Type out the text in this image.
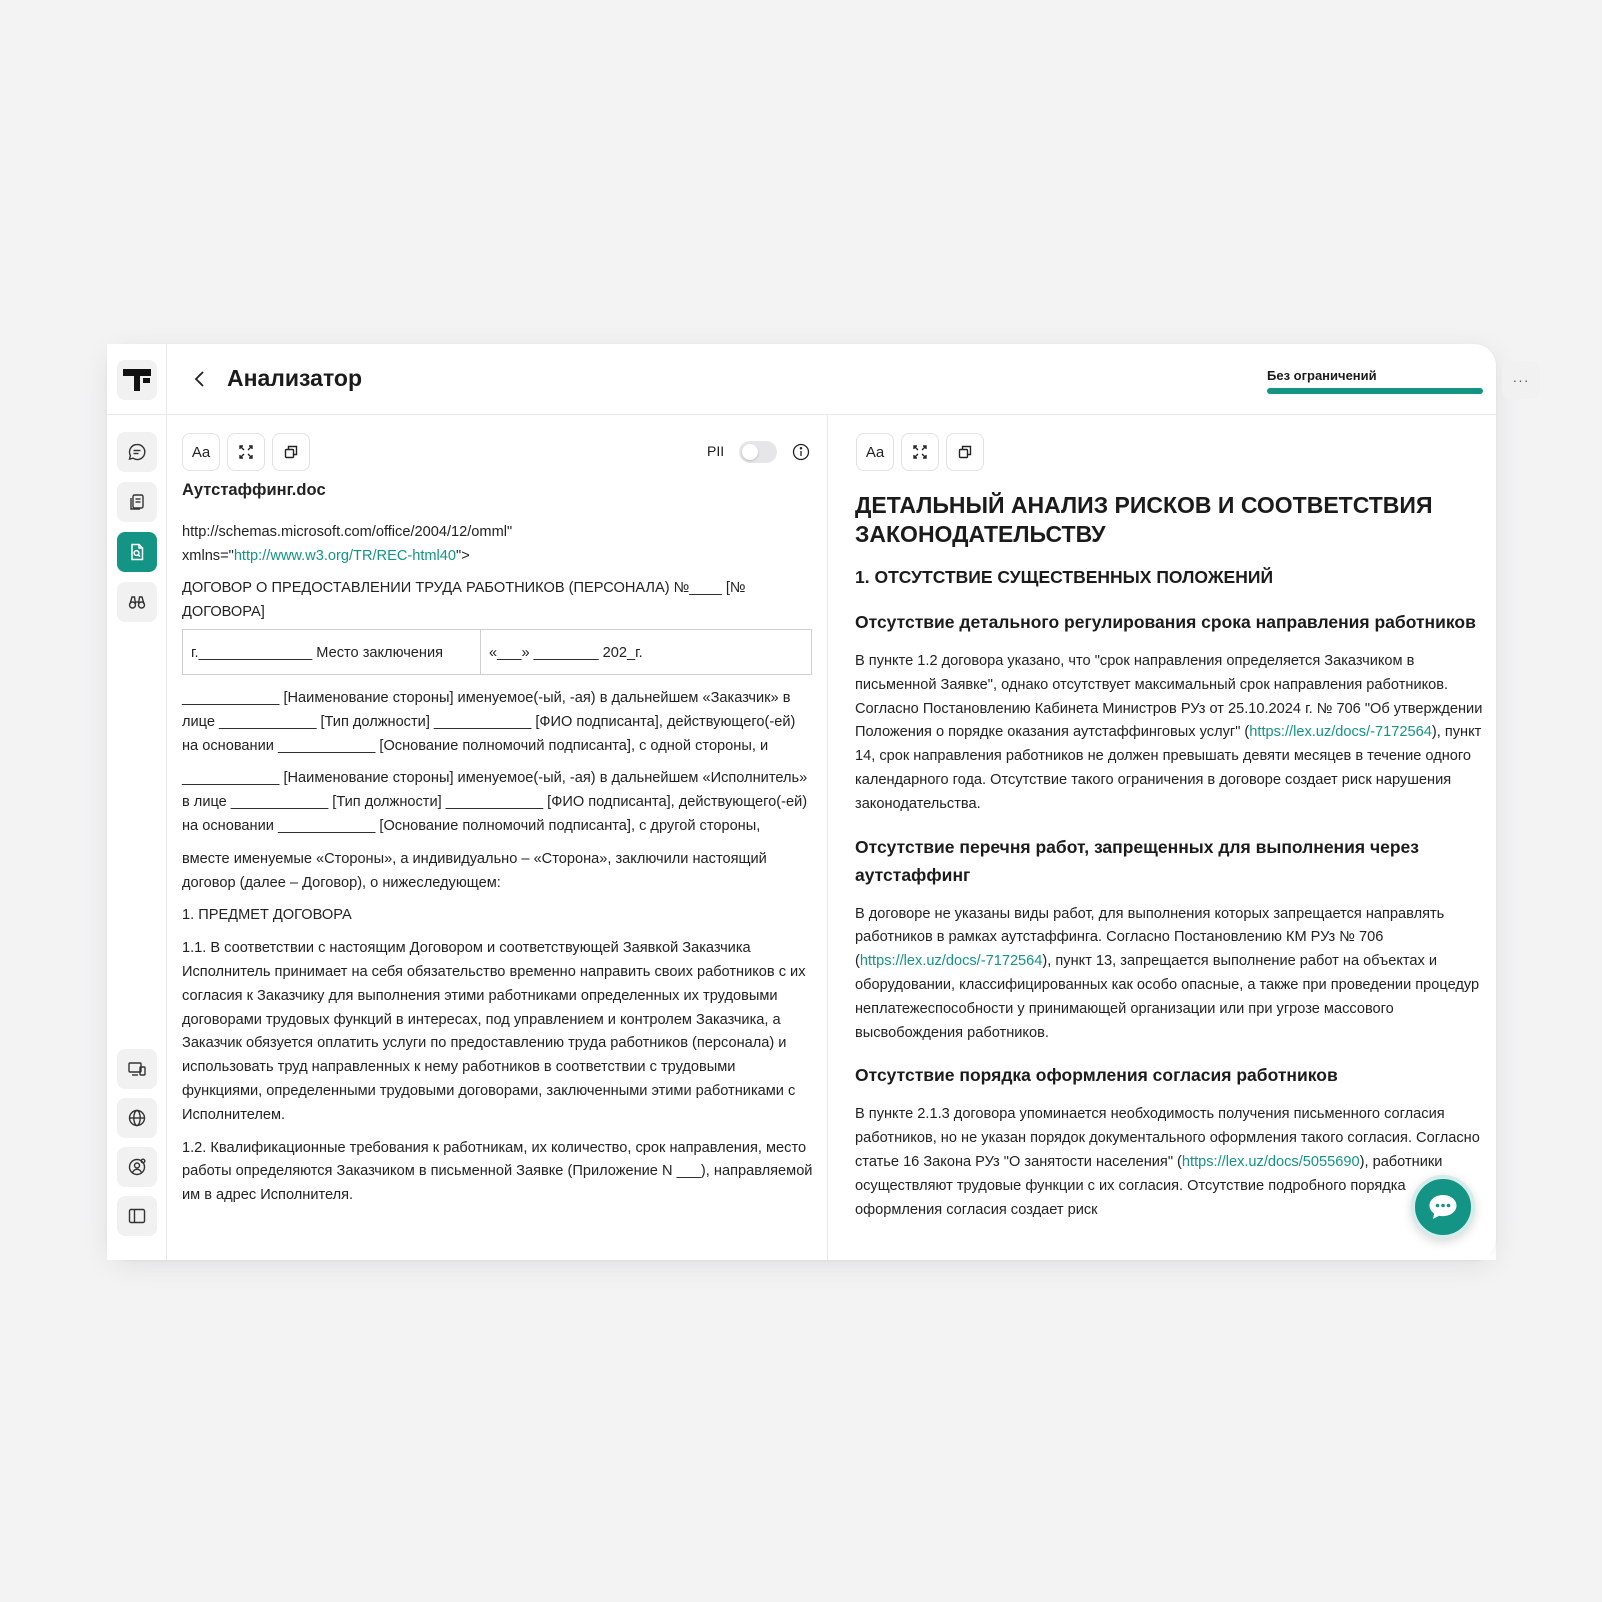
Анализатор	Без ограничений	···
Aa	PII
Аутстаффинг.doc

http://schemas.microsoft.com/office/2004/12/omml"
xmlns="http://www.w3.org/TR/REC-html40">

ДОГОВОР О ПРЕДОСТАВЛЕНИИ ТРУДА РАБОТНИКОВ (ПЕРСОНАЛА) №____ [№ ДОГОВОРА]

г.______________ Место заключения	«___» ________ 202_г.

____________ [Наименование стороны] именуемое(-ый, -ая) в дальнейшем «Заказчик» в лице ____________ [Тип должности] ____________ [ФИО подписанта], действующего(-ей) на основании ____________ [Основание полномочий подписанта], с одной стороны, и

____________ [Наименование стороны] именуемое(-ый, -ая) в дальнейшем «Исполнитель» в лице ____________ [Тип должности] ____________ [ФИО подписанта], действующего(-ей) на основании ____________ [Основание полномочий подписанта], с другой стороны,

вместе именуемые «Стороны», а индивидуально – «Сторона», заключили настоящий договор (далее – Договор), о нижеследующем:

1. ПРЕДМЕТ ДОГОВОРА

1.1. В соответствии с настоящим Договором и соответствующей Заявкой Заказчика Исполнитель принимает на себя обязательство временно направить своих работников с их согласия к Заказчику для выполнения этими работниками определенных их трудовыми договорами трудовых функций в интересах, под управлением и контролем Заказчика, а Заказчик обязуется оплатить услуги по предоставлению труда работников (персонала) и использовать труд направленных к нему работников в соответствии с трудовыми функциями, определенными трудовыми договорами, заключенными этими работниками с Исполнителем.

1.2. Квалификационные требования к работникам, их количество, срок направления, место работы определяются Заказчиком в письменной Заявке (Приложение N ___), направляемой им в адрес Исполнителя.

Aa
ДЕТАЛЬНЫЙ АНАЛИЗ РИСКОВ И СООТВЕТСТВИЯ ЗАКОНОДАТЕЛЬСТВУ
1. ОТСУТСТВИЕ СУЩЕСТВЕННЫХ ПОЛОЖЕНИЙ
Отсутствие детального регулирования срока направления работников

В пункте 1.2 договора указано, что "срок направления определяется Заказчиком в письменной Заявке", однако отсутствует максимальный срок направления работников. Согласно Постановлению Кабинета Министров РУз от 25.10.2024 г. № 706 "Об утверждении Положения о порядке оказания аутстаффинговых услуг" (https://lex.uz/docs/-7172564), пункт 14, срок направления работников не должен превышать девяти месяцев в течение одного календарного года. Отсутствие такого ограничения в договоре создает риск нарушения законодательства.

Отсутствие перечня работ, запрещенных для выполнения через аутстаффинг

В договоре не указаны виды работ, для выполнения которых запрещается направлять работников в рамках аутстаффинга. Согласно Постановлению КМ РУз № 706 (https://lex.uz/docs/-7172564), пункт 13, запрещается выполнение работ на объектах и оборудовании, классифицированных как особо опасные, а также при проведении процедур неплатежеспособности у принимающей организации или при угрозе массового высвобождения работников.

Отсутствие порядка оформления согласия работников

В пункте 2.1.3 договора упоминается необходимость получения письменного согласия работников, но не указан порядок документального оформления такого согласия. Согласно статье 16 Закона РУз "О занятости населения" (https://lex.uz/docs/5055690), работники осуществляют трудовые функции с их согласия. Отсутствие подробного порядка оформления согласия создает риск
